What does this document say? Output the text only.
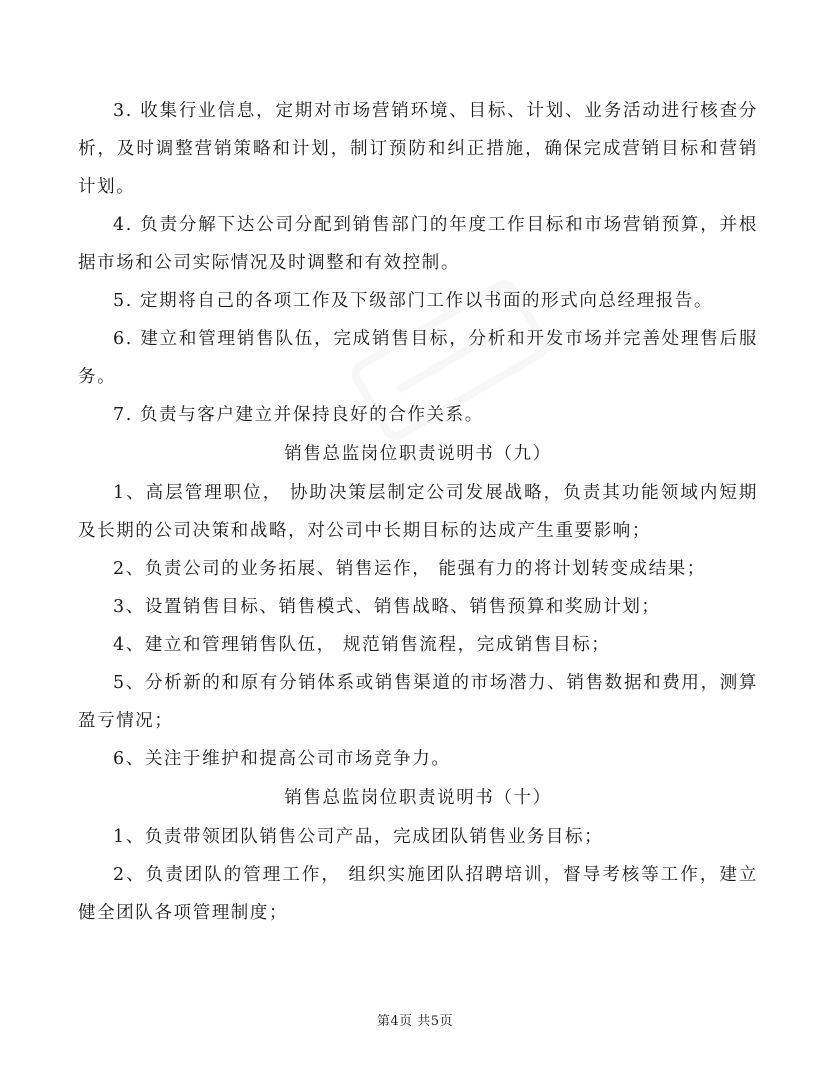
3. 收集行业信息，定期对市场营销环境、目标、计划、业务活动进行核查分析，及时调整营销策略和计划，制订预防和纠正措施，确保完成营销目标和营销计划。

4. 负责分解下达公司分配到销售部门的年度工作目标和市场营销预算，并根据市场和公司实际情况及时调整和有效控制。

5. 定期将自己的各项工作及下级部门工作以书面的形式向总经理报告。

6. 建立和管理销售队伍，完成销售目标，分析和开发市场并完善处理售后服务。

7. 负责与客户建立并保持良好的合作关系。

销售总监岗位职责说明书（九）

1、高层管理职位， 协助决策层制定公司发展战略，负责其功能领域内短期及长期的公司决策和战略，对公司中长期目标的达成产生重要影响；

2、负责公司的业务拓展、销售运作， 能强有力的将计划转变成结果；

3、设置销售目标、销售模式、销售战略、销售预算和奖励计划；

4、建立和管理销售队伍， 规范销售流程，完成销售目标；

5、分析新的和原有分销体系或销售渠道的市场潜力、销售数据和费用，测算盈亏情况；

6、关注于维护和提高公司市场竞争力。

销售总监岗位职责说明书（十）

1、负责带领团队销售公司产品，完成团队销售业务目标；

2、负责团队的管理工作， 组织实施团队招聘培训，督导考核等工作，建立健全团队各项管理制度；

第4页 共5页
